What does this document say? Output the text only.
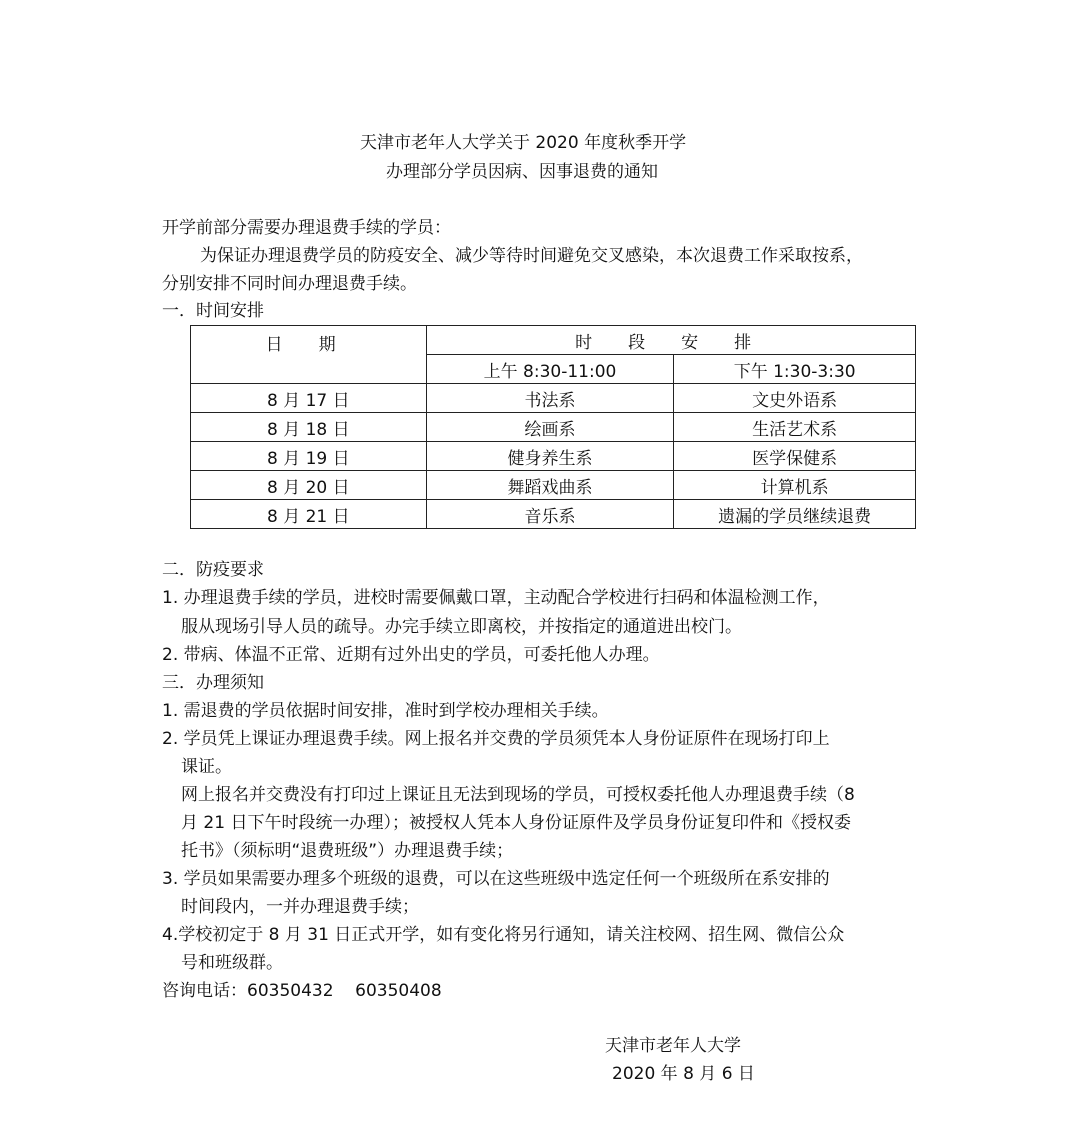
天津市老年人大学关于 2020 年度秋季开学
办理部分学员因病、因事退费的通知
开学前部分需要办理退费手续的学员：
为保证办理退费学员的防疫安全、减少等待时间避免交叉感染，本次退费工作采取按系，
分别安排不同时间办理退费手续。
一．时间安排
日 期	时 段 安 排	
	上午 8:30-11:00	下午 1:30-3:30
8 月 17 日	书法系	文史外语系
8 月 18 日	绘画系	生活艺术系
8 月 19 日	健身养生系	医学保健系
8 月 20 日	舞蹈戏曲系	计算机系
8 月 21 日	音乐系	遗漏的学员继续退费
二．防疫要求
1. 办理退费手续的学员，进校时需要佩戴口罩，主动配合学校进行扫码和体温检测工作，
服从现场引导人员的疏导。办完手续立即离校，并按指定的通道进出校门。
2. 带病、体温不正常、近期有过外出史的学员，可委托他人办理。
三．办理须知
1. 需退费的学员依据时间安排，准时到学校办理相关手续。
2. 学员凭上课证办理退费手续。网上报名并交费的学员须凭本人身份证原件在现场打印上
课证。
网上报名并交费没有打印过上课证且无法到现场的学员，可授权委托他人办理退费手续（8
月 21 日下午时段统一办理）；被授权人凭本人身份证原件及学员身份证复印件和《授权委
托书》（须标明“退费班级”）办理退费手续；
3. 学员如果需要办理多个班级的退费，可以在这些班级中选定任何一个班级所在系安排的
时间段内，一并办理退费手续；
4.学校初定于 8 月 31 日正式开学，如有变化将另行通知，请关注校网、招生网、微信公众
号和班级群。
咨询电话：60350432    60350408
天津市老年人大学
2020 年 8 月 6 日
